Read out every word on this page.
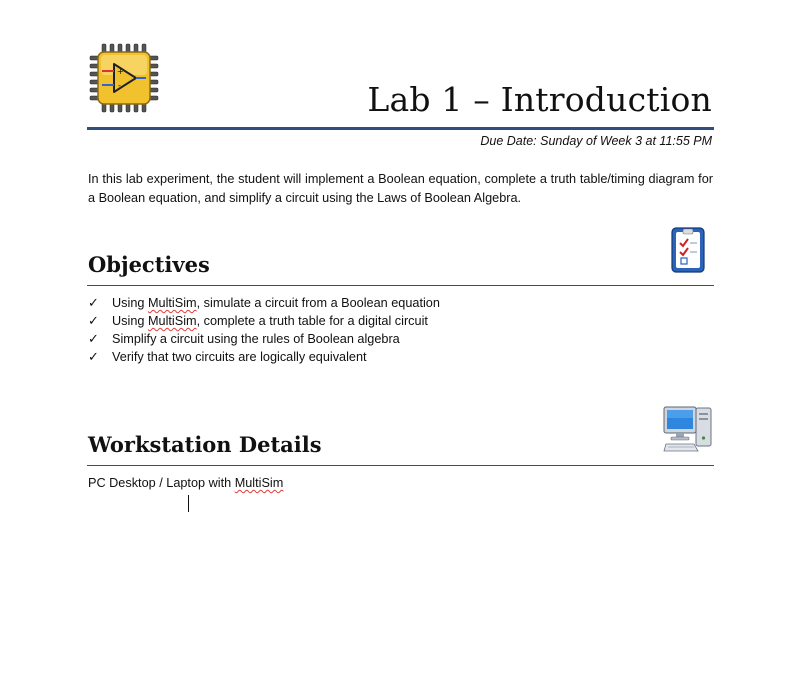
+
-	Lab 1 – Introduction
Due Date: Sunday of Week 3 at 11:55 PM
In this lab experiment, the student will implement a Boolean equation, complete a truth table/timing diagram for a Boolean equation, and simplify a circuit using the Laws of Boolean Algebra.
Objectives
✓ Using MultiSim, simulate a circuit from a Boolean equation
✓ Using MultiSim, complete a truth table for a digital circuit
✓ Simplify a circuit using the rules of Boolean algebra
✓ Verify that two circuits are logically equivalent
Workstation Details
PC Desktop / Laptop with MultiSim
